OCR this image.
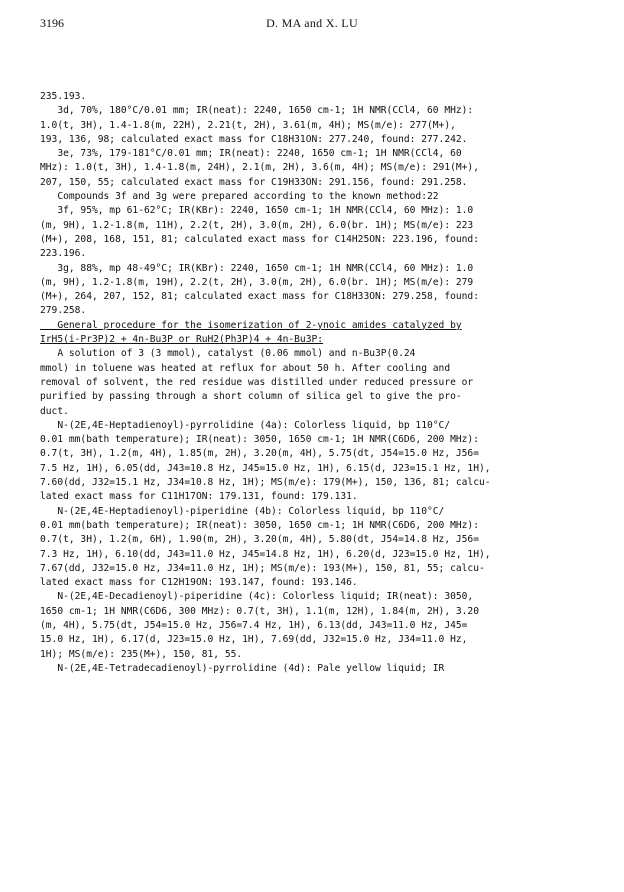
3196	D. MA and X. LU
235.193.
3d, 70%, 180°C/0.01 mm; IR(neat): 2240, 1650 cm-1; 1H NMR(CCl4, 60 MHz):
1.0(t, 3H), 1.4-1.8(m, 22H), 2.21(t, 2H), 3.61(m, 4H); MS(m/e): 277(M+),
193, 136, 98; calculated exact mass for C18H31ON: 277.240, found: 277.242.
3e, 73%, 179-181°C/0.01 mm; IR(neat): 2240, 1650 cm-1; 1H NMR(CCl4, 60
MHz): 1.0(t, 3H), 1.4-1.8(m, 24H), 2.1(m, 2H), 3.6(m, 4H); MS(m/e): 291(M+),
207, 150, 55; calculated exact mass for C19H33ON: 291.156, found: 291.258.
Compounds 3f and 3g were prepared according to the known method:22
3f, 95%, mp 61-62°C; IR(KBr): 2240, 1650 cm-1; 1H NMR(CCl4, 60 MHz): 1.0
(m, 9H), 1.2-1.8(m, 11H), 2.2(t, 2H), 3.0(m, 2H), 6.0(br. 1H); MS(m/e): 223
(M+), 208, 168, 151, 81; calculated exact mass for C14H25ON: 223.196, found:
223.196.
3g, 88%, mp 48-49°C; IR(KBr): 2240, 1650 cm-1; 1H NMR(CCl4, 60 MHz): 1.0
(m, 9H), 1.2-1.8(m, 19H), 2.2(t, 2H), 3.0(m, 2H), 6.0(br. 1H); MS(m/e): 279
(M+), 264, 207, 152, 81; calculated exact mass for C18H33ON: 279.258, found:
279.258.
General procedure for the isomerization of 2-ynoic amides catalyzed by
IrH5(i-Pr3P)2 + 4n-Bu3P or RuH2(Ph3P)4 + 4n-Bu3P:
A solution of 3 (3 mmol), catalyst (0.06 mmol) and n-Bu3P(0.24
mmol) in toluene was heated at reflux for about 50 h. After cooling and
removal of solvent, the red residue was distilled under reduced pressure or
purified by passing through a short column of silica gel to give the pro-
duct.
N-(2E,4E-Heptadienoyl)-pyrrolidine (4a): Colorless liquid, bp 110°C/
0.01 mm(bath temperature); IR(neat): 3050, 1650 cm-1; 1H NMR(C6D6, 200 MHz):
0.7(t, 3H), 1.2(m, 4H), 1.85(m, 2H), 3.20(m, 4H), 5.75(dt, J54=15.0 Hz, J56=
7.5 Hz, 1H), 6.05(dd, J43=10.8 Hz, J45=15.0 Hz, 1H), 6.15(d, J23=15.1 Hz, 1H),
7.60(dd, J32=15.1 Hz, J34=10.8 Hz, 1H); MS(m/e): 179(M+), 150, 136, 81; calcu-
lated exact mass for C11H17ON: 179.131, found: 179.131.
N-(2E,4E-Heptadienoyl)-piperidine (4b): Colorless liquid, bp 110°C/
0.01 mm(bath temperature); IR(neat): 3050, 1650 cm-1; 1H NMR(C6D6, 200 MHz):
0.7(t, 3H), 1.2(m, 6H), 1.90(m, 2H), 3.20(m, 4H), 5.80(dt, J54=14.8 Hz, J56=
7.3 Hz, 1H), 6.10(dd, J43=11.0 Hz, J45=14.8 Hz, 1H), 6.20(d, J23=15.0 Hz, 1H),
7.67(dd, J32=15.0 Hz, J34=11.0 Hz, 1H); MS(m/e): 193(M+), 150, 81, 55; calcu-
lated exact mass for C12H19ON: 193.147, found: 193.146.
N-(2E,4E-Decadienoyl)-piperidine (4c): Colorless liquid; IR(neat): 3050,
1650 cm-1; 1H NMR(C6D6, 300 MHz): 0.7(t, 3H), 1.1(m, 12H), 1.84(m, 2H), 3.20
(m, 4H), 5.75(dt, J54=15.0 Hz, J56=7.4 Hz, 1H), 6.13(dd, J43=11.0 Hz, J45=
15.0 Hz, 1H), 6.17(d, J23=15.0 Hz, 1H), 7.69(dd, J32=15.0 Hz, J34=11.0 Hz,
1H); MS(m/e): 235(M+), 150, 81, 55.
N-(2E,4E-Tetradecadienoyl)-pyrrolidine (4d): Pale yellow liquid; IR
